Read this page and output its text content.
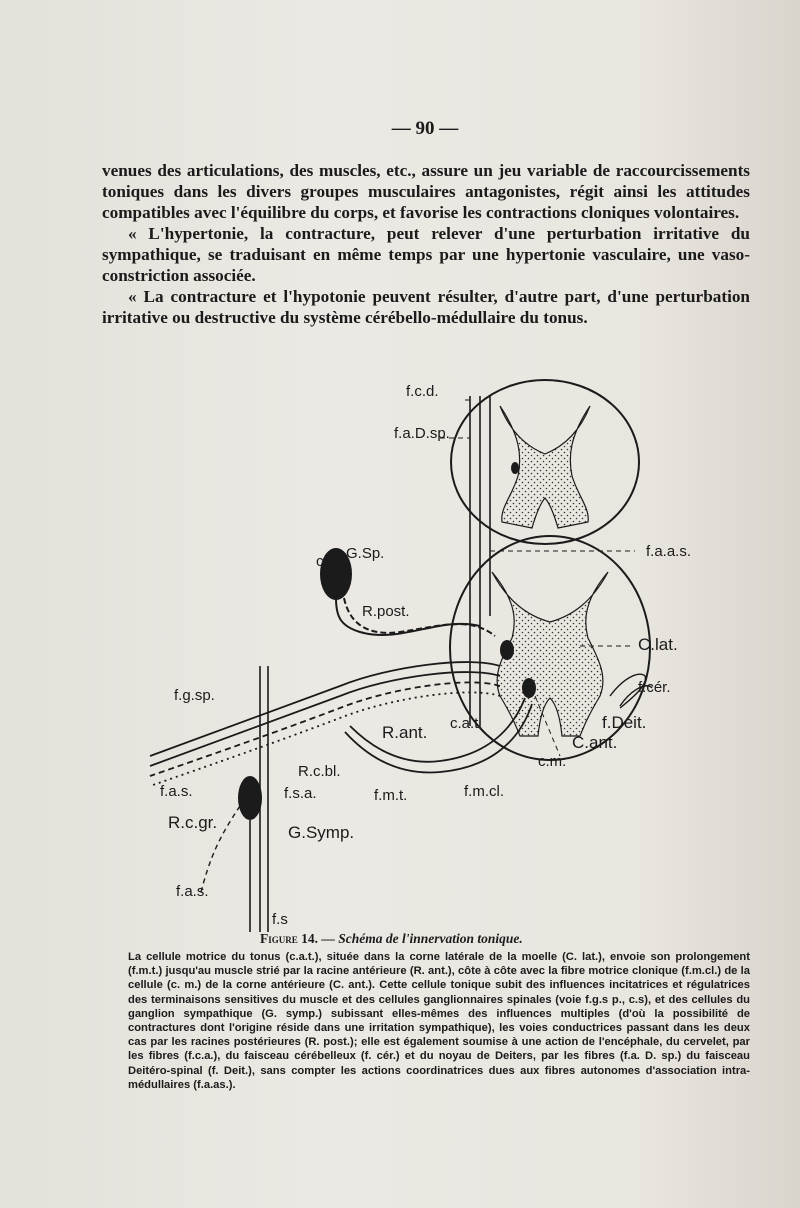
— 90 —

venues des articulations, des muscles, etc., assure un jeu variable de raccourcissements toniques dans les divers groupes musculaires antagonistes, régit ainsi les attitudes compatibles avec l'équilibre du corps, et favorise les contractions cloniques volontaires.

« L'hypertonie, la contracture, peut relever d'une perturbation irritative du sympathique, se traduisant en même temps par une hypertonie vasculaire, une vaso-constriction associée.

« La contracture et l'hypotonie peuvent résulter, d'autre part, d'une perturbation irritative ou destructive du système cérébello-médullaire du tonus.

f.c.d.
f.a.D.sp.
f.a.a.s.
c.s G.Sp.
R.post.
C.lat.
f.cér.
f.Deit.
c.a.t.
C.ant.
c.m.
f.g.sp.
R.ant.
R.c.bl.
f.s.a.
f.a.s.
R.c.gr.
G.Symp.
f.m.t.	f.m.cl.
f.a.s.
f.s
Figure 14. — Schéma de l'innervation tonique.
La cellule motrice du tonus (c.a.t.), située dans la corne latérale de la moelle (C. lat.), envoie son prolongement (f.m.t.) jusqu'au muscle strié par la racine antérieure (R. ant.), côte à côte avec la fibre motrice clonique (f.m.cl.) de la cellule (c. m.) de la corne antérieure (C. ant.). Cette cellule tonique subit des influences incitatrices et régulatrices des terminaisons sensitives du muscle et des cellules ganglionnaires spinales (voie f.g.s p., c.s), et des cellules du ganglion sympathique (G. symp.) subissant elles-mêmes des influences multiples (d'où la possibilité de contractures dont l'origine réside dans une irritation sympathique), les voies conductrices passant dans les deux cas par les racines postérieures (R. post.); elle est également soumise à une action de l'encéphale, du cervelet, par les fibres (f.c.a.), du faisceau cérébelleux (f. cér.) et du noyau de Deiters, par les fibres (f.a. D. sp.) du faisceau Deitéro-spinal (f. Deit.), sans compter les actions coordinatrices dues aux fibres autonomes d'association intra-médullaires (f.a.as.).
